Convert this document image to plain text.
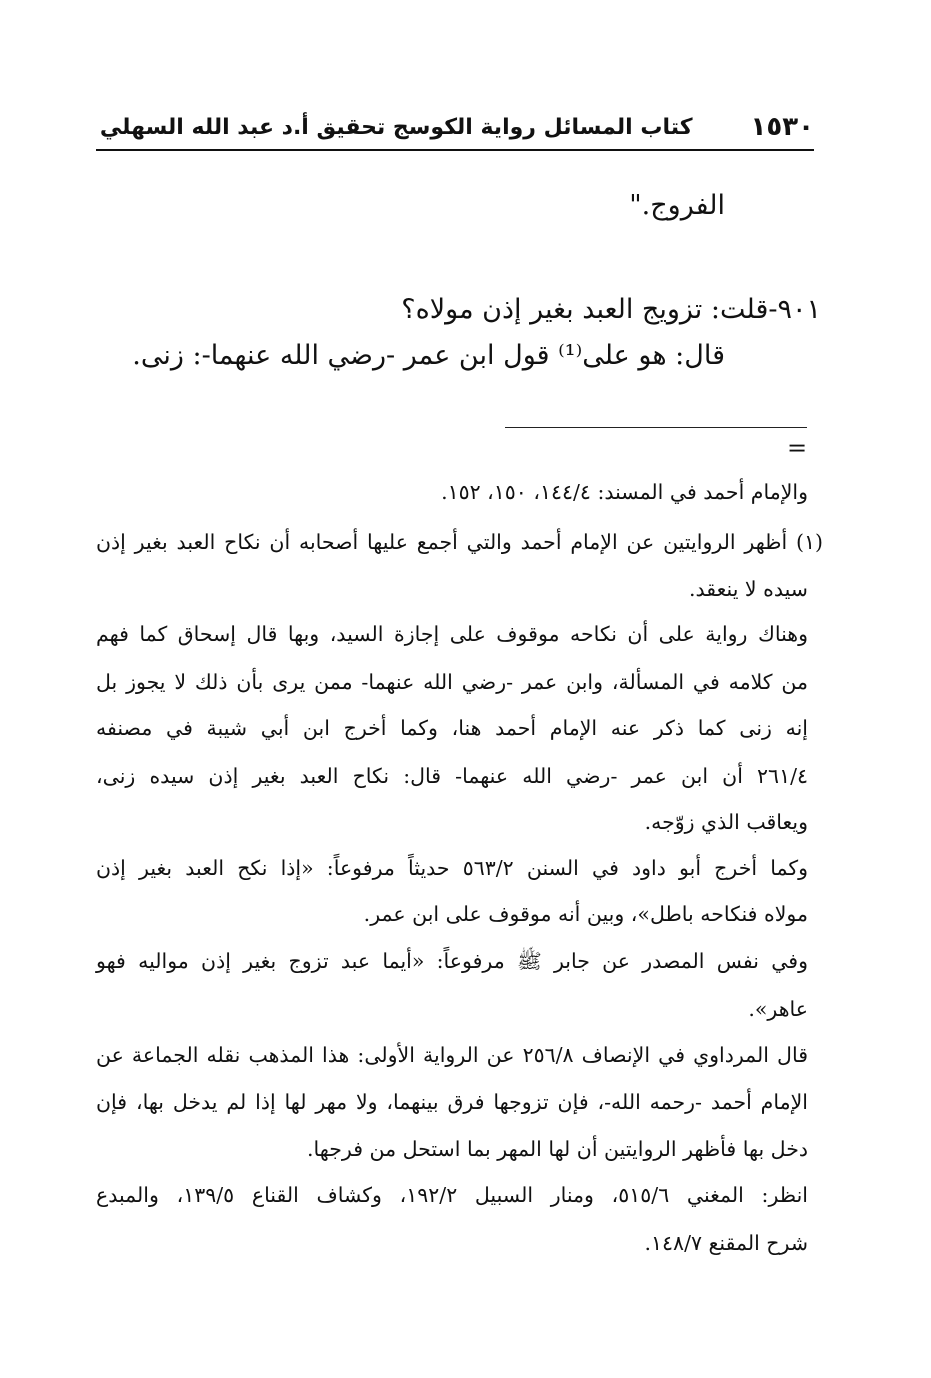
١٥٣٠
كتاب المسائل رواية الكوسج تحقيق أ.د عبد الله السهلي
الفروج."
٩٠١-قلت: تزويج العبد بغير إذن مولاه؟
قال: هو على⁽¹⁾ قول ابن عمر -رضي الله عنهما-: زنى.
=
والإمام أحمد في المسند: ١٤٤/٤، ١٥٠، ١٥٢.
(١) أظهر الروايتين عن الإمام أحمد والتي أجمع عليها أصحابه أن نكاح العبد بغير إذن
سيده لا ينعقد.
وهناك رواية على أن نكاحه موقوف على إجازة السيد، وبها قال إسحاق كما فهم
من كلامه في المسألة، وابن عمر -رضي الله عنهما- ممن يرى بأن ذلك لا يجوز بل
إنه زنى كما ذكر عنه الإمام أحمد هنا، وكما أخرج ابن أبي شيبة في مصنفه
٢٦١/٤ أن ابن عمر -رضي الله عنهما- قال: نكاح العبد بغير إذن سيده زنى،
ويعاقب الذي زوّجه.
وكما أخرج أبو داود في السنن ٥٦٣/٢ حديثاً مرفوعاً: «إذا نكح العبد بغير إذن
مولاه فنكاحه باطل»، وبين أنه موقوف على ابن عمر.
وفي نفس المصدر عن جابر ﷺ مرفوعاً: «أيما عبد تزوج بغير إذن مواليه فهو
عاهر».
قال المرداوي في الإنصاف ٢٥٦/٨ عن الرواية الأولى: هذا المذهب نقله الجماعة عن
الإمام أحمد -رحمه الله-، فإن تزوجها فرق بينهما، ولا مهر لها إذا لم يدخل بها، فإن
دخل بها فأظهر الروايتين أن لها المهر بما استحل من فرجها.
انظر: المغني ٥١٥/٦، ومنار السبيل ١٩٢/٢، وكشاف القناع ١٣٩/٥، والمبدع
شرح المقنع ١٤٨/٧.
